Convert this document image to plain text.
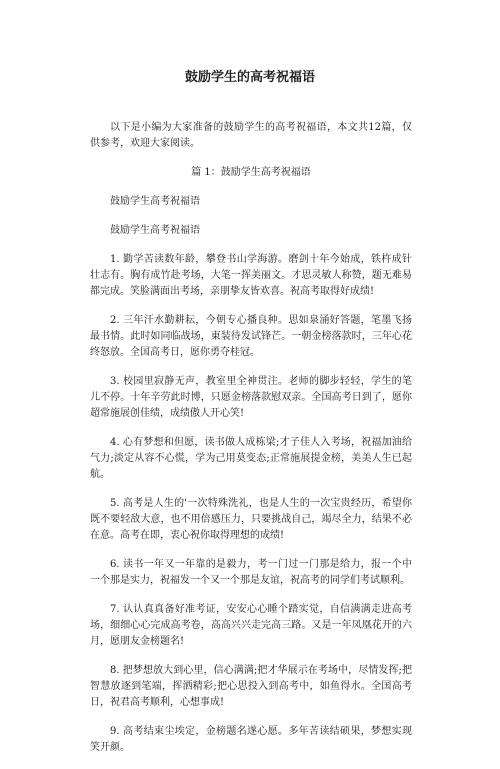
鼓励学生的高考祝福语

以下是小编为大家准备的鼓励学生的高考祝福语，本文共12篇，仅供参考，欢迎大家阅读。

篇 1：鼓励学生高考祝福语

鼓励学生高考祝福语

鼓励学生高考祝福语

1. 勤学苦读数年龄，攀登书山学海游。磨剑十年今始成，铁杵成针壮志有。胸有成竹赴考场，大笔一挥美丽文。才思灵敏人称赞，题无难易都完成。笑脸满面出考场，亲朋挚友皆欢喜。祝高考取得好成绩!

2. 三年汗水勤耕耘，今朝专心播良种。思如泉涌好答题，笔墨飞扬最书情。此时如同临战场，東装待发试锋芒。一朝金榜落款时，三年心花终怒放。全国高考日，愿你勇夺桂冠。

3. 校园里寂静无声，教室里全神贯注。老师的脚步轻轻，学生的笔儿不停。十年辛劳此时博，只愿金榜落款慰双亲。全国高考日到了，愿你超常施展创佳绩，成绩傲人开心笑!

4. 心有梦想和但愿，读书做人成栋梁;才子佳人入考场，祝福加油给气力;淡定从容不心慌，学为己用莫变态;正常施展提金榜，美美人生已起航。

5. 高考是人生的'一次特殊洗礼，也是人生的一次宝贵经历，希望你既不要轻敌大意，也不用倍感压力，只要挑战自己，竭尽全力，结果不必在意。高考在即，衷心祝你取得理想的成绩!

6. 读书一年又一年靠的是毅力，考一门过一门那是给力，报一个中一个那是实力，祝福发一个又一个那是友谊，祝高考的同学们考试顺利。

7. 认认真真备好准考证，安安心心睡个踏实觉，自信满满走进高考场，细细心心完成高考卷，高高兴兴走完高三路。又是一年凤凰花开的六月，愿朋友金榜题名!

8. 把梦想放大到心里，信心满满;把才华展示在考场中，尽情发挥;把智慧放逐到笔端，挥洒精彩;把心思投入到高考中，如鱼得水。全国高考日，祝君高考顺利，心想事成!

9. 高考结束尘埃定，金榜题名遂心愿。多年苦读结硕果，梦想实现笑开颜。
